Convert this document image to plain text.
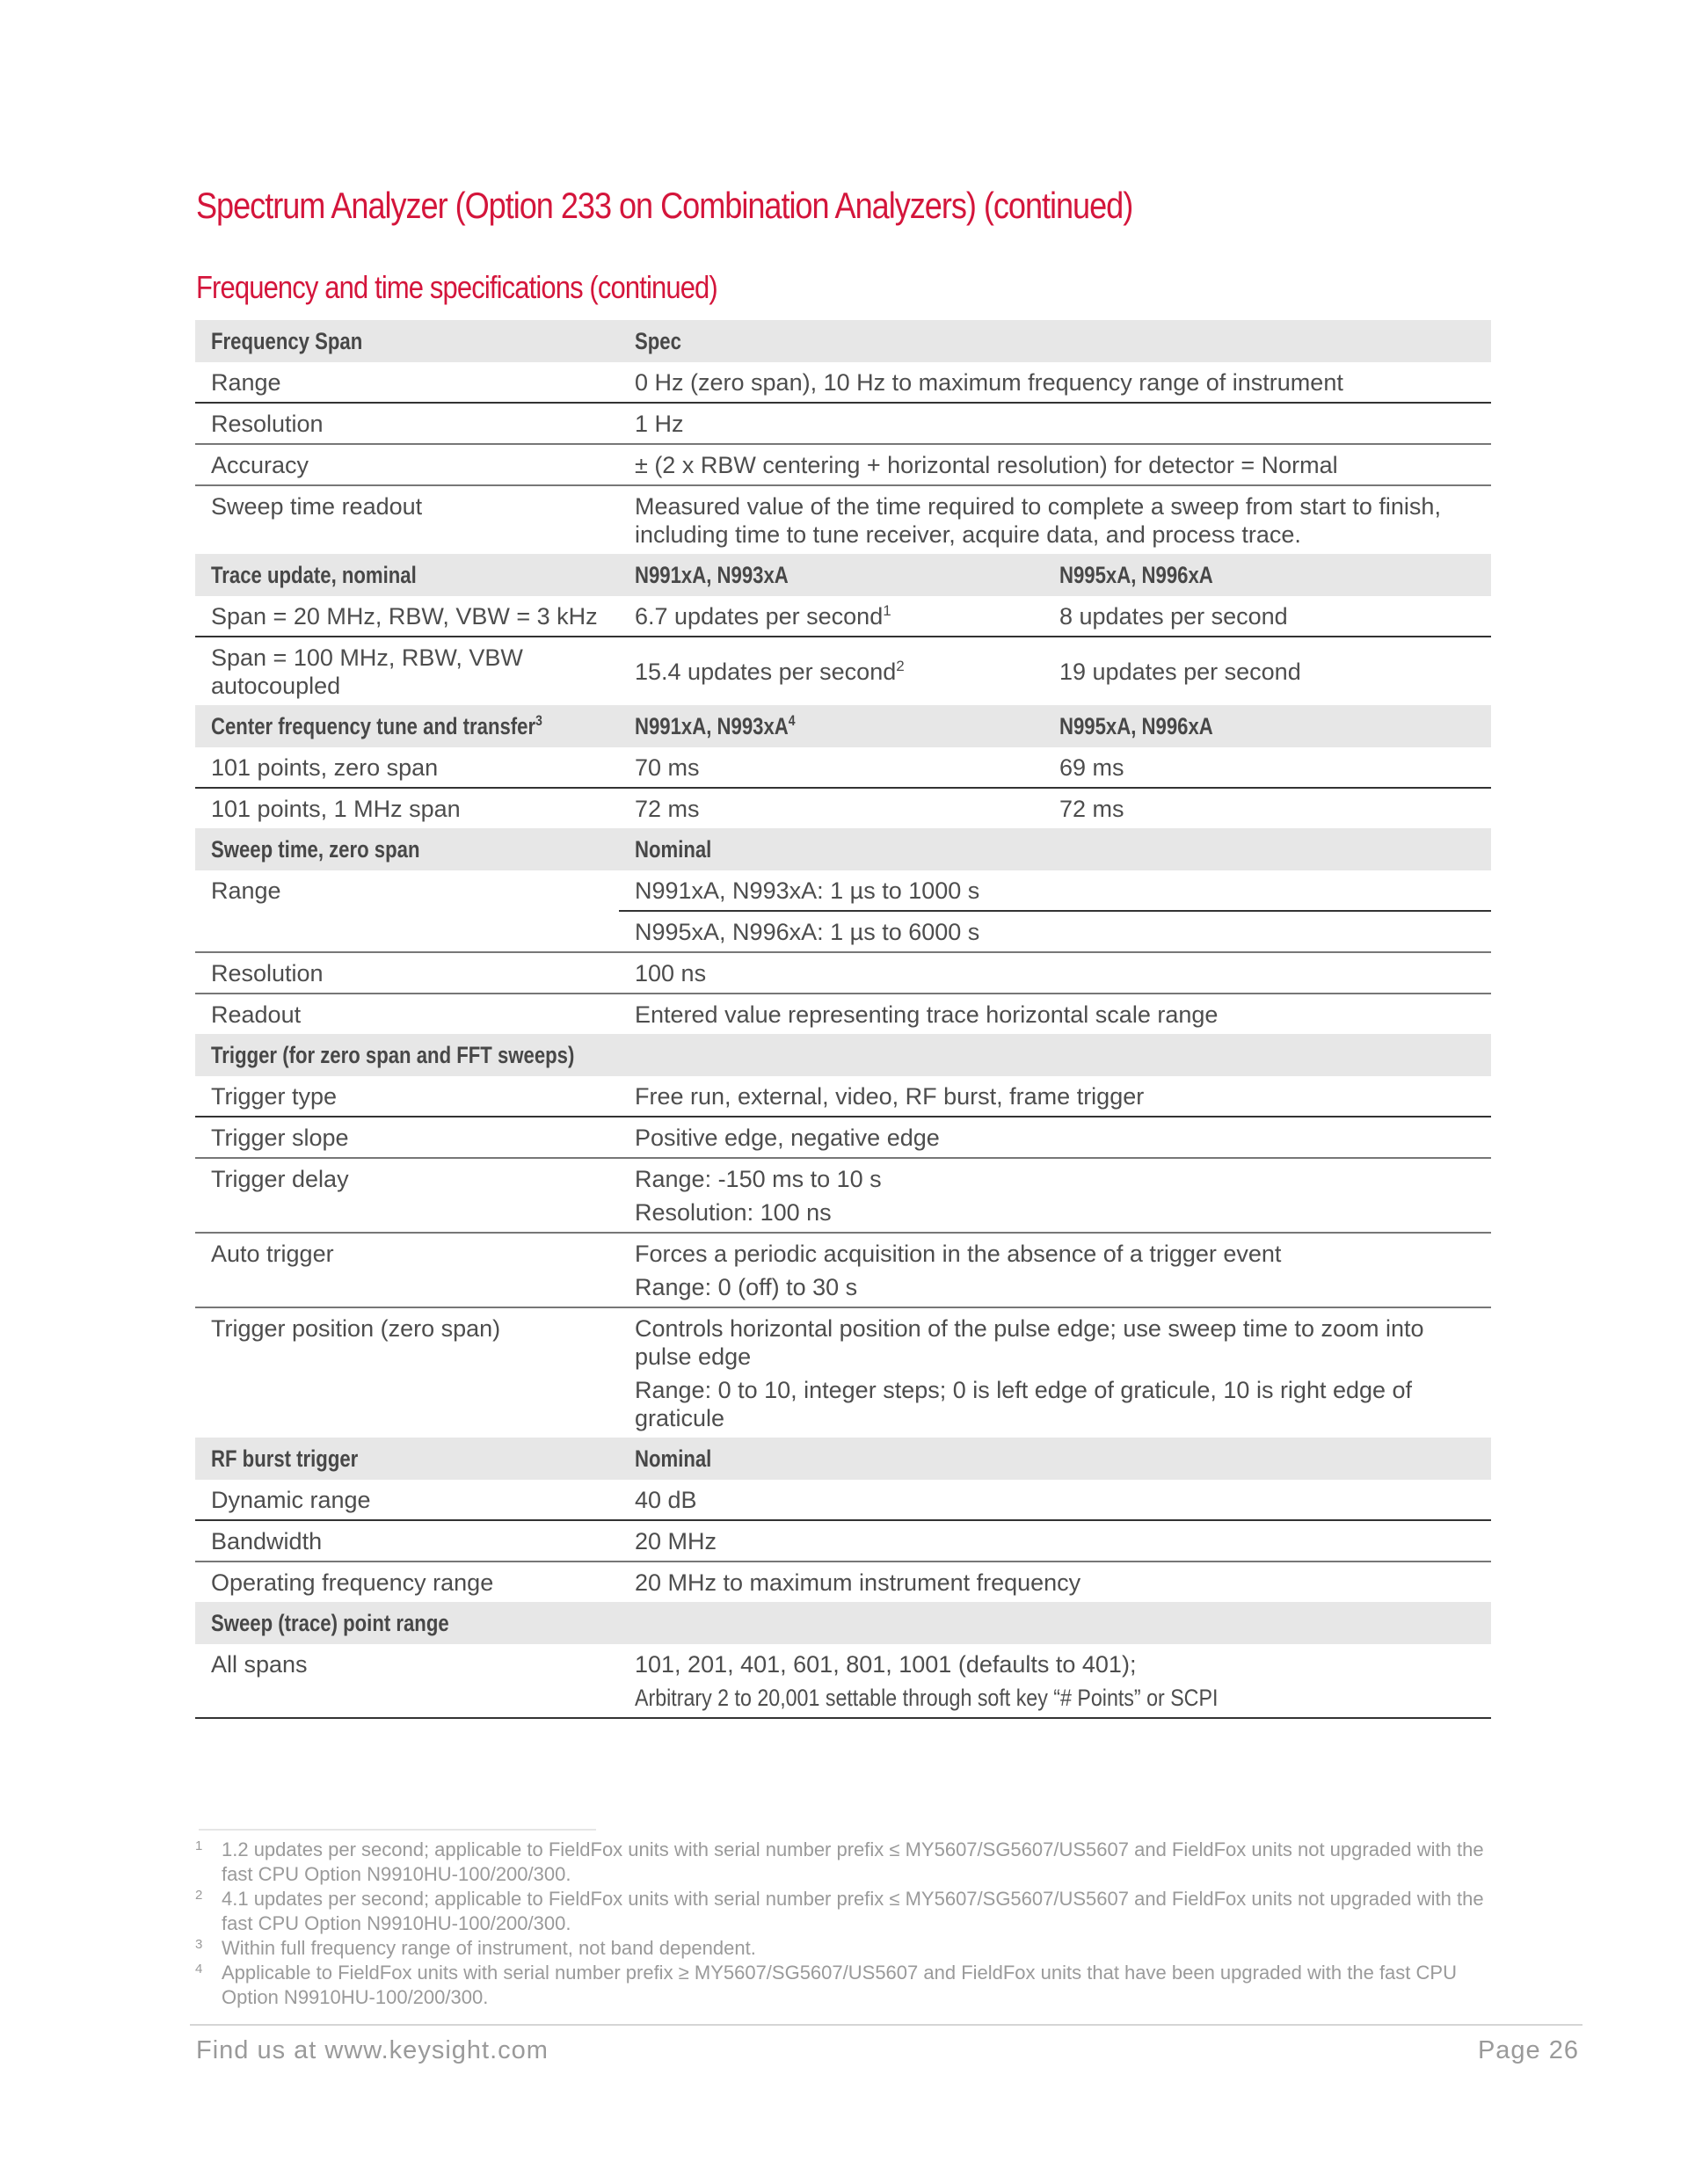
Spectrum Analyzer (Option 233 on Combination Analyzers) (continued)
Frequency and time specifications (continued)
Frequency Span	Spec	
Range	0 Hz (zero span), 10 Hz to maximum frequency range of instrument	
Resolution	1 Hz	
Accuracy	± (2 x RBW centering + horizontal resolution) for detector = Normal	
Sweep time readout	Measured value of the time required to complete a sweep from start to finish, including time to tune receiver, acquire data, and process trace.	
Trace update, nominal	N991xA, N993xA	N995xA, N996xA
Span = 20 MHz, RBW, VBW = 3 kHz	6.7 updates per second$^1$	8 updates per second
Span = 100 MHz, RBW, VBW autocoupled	15.4 updates per second$^2$	19 updates per second
Center frequency tune and transfer$^3$	N991xA, $N993xA^4$	N995xA, N996xA
101 points, zero span	70 ms	69 ms
101 points, 1 MHz span	72 ms	72 ms
Sweep time, zero span	Nominal	
Range	N991xA, N993xA: 1 µs to 1000 s	
	N995xA, N996xA: 1 µs to 6000 s	
Resolution	100 ns	
Readout	Entered value representing trace horizontal scale range	
Trigger (for zero span and FFT sweeps)		
Trigger type	Free run, external, video, RF burst, frame trigger	
Trigger slope	Positive edge, negative edge	
Trigger delay	Range: -150 ms to 10 s
Resolution: 100 ns	

Auto trigger	Forces a periodic acquisition in the absence of a trigger event
Range: 0 (off) to 30 s	

Trigger position (zero span)	Controls horizontal position of the pulse edge; use sweep time to zoom into pulse edge
Range: 0 to 10, integer steps; 0 is left edge of graticule, 10 is right edge of graticule	

RF burst trigger	Nominal	
Dynamic range	40 dB	
Bandwidth	20 MHz	
Operating frequency range	20 MHz to maximum instrument frequency	
Sweep (trace) point range		
All spans	101, 201, 401, 601, 801, 1001 (defaults to 401);
Arbitrary 2 to 20,001 settable through soft key “# Points” or SCPI	
1 1.2 updates per second; applicable to FieldFox units with serial number prefix ≤ MY5607/SG5607/US5607 and FieldFox units not upgraded with the fast CPU Option N9910HU-100/200/300.
2 4.1 updates per second; applicable to FieldFox units with serial number prefix ≤ MY5607/SG5607/US5607 and FieldFox units not upgraded with the fast CPU Option N9910HU-100/200/300.
3 Within full frequency range of instrument, not band dependent.
4 Applicable to FieldFox units with serial number prefix ≥ MY5607/SG5607/US5607 and FieldFox units that have been upgraded with the fast CPU Option N9910HU-100/200/300.
Find us at www.keysight.com	Page 26
